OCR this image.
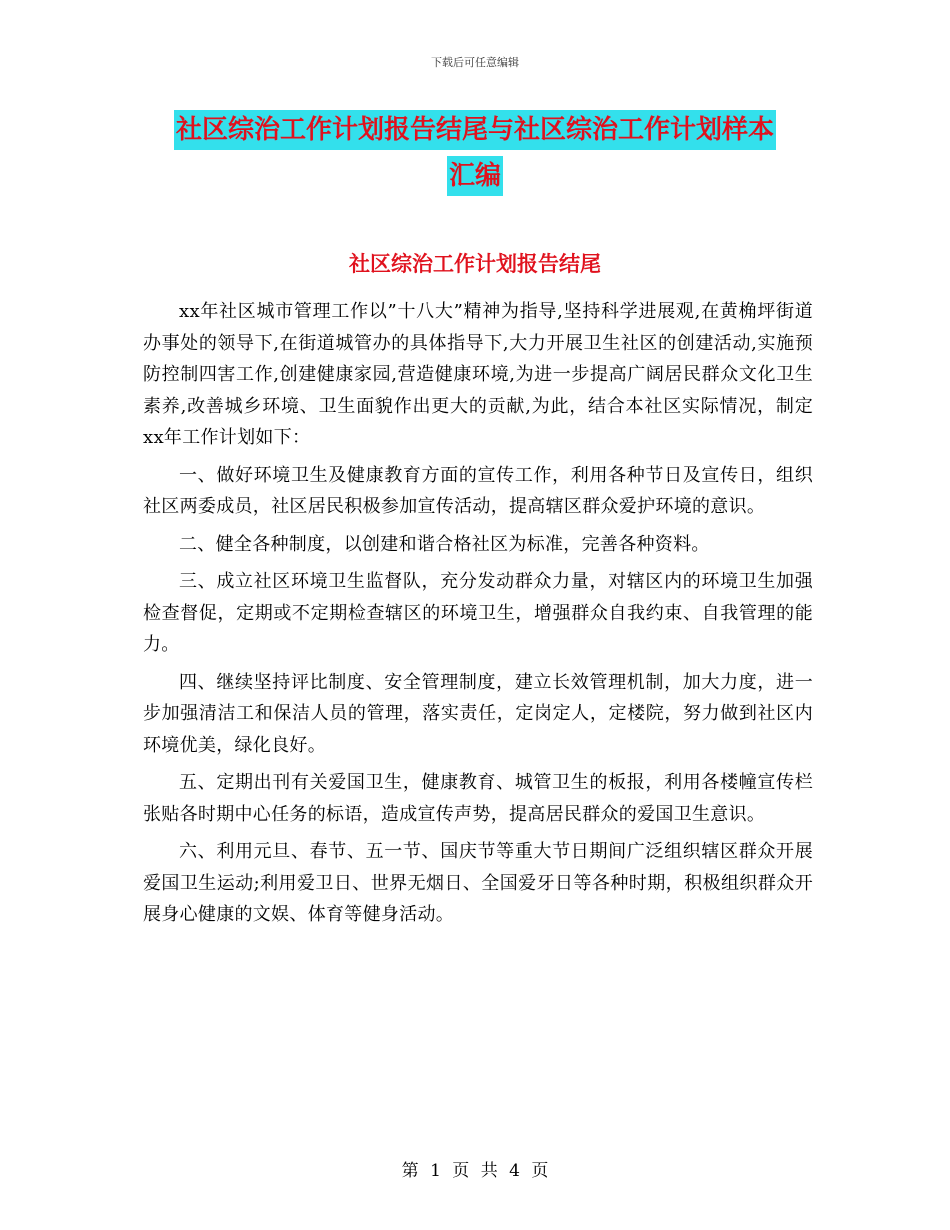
下载后可任意编辑
社区综治工作计划报告结尾与社区综治工作计划样本
汇编
社区综治工作计划报告结尾

xx年社区城市管理工作以”十八大”精神为指导,坚持科学进展观,在黄桷坪街道办事处的领导下,在街道城管办的具体指导下,大力开展卫生社区的创建活动,实施预防控制四害工作,创建健康家园,营造健康环境,为进一步提高广阔居民群众文化卫生素养,改善城乡环境、卫生面貌作出更大的贡献,为此，结合本社区实际情况，制定xx年工作计划如下：

一、做好环境卫生及健康教育方面的宣传工作，利用各种节日及宣传日，组织社区两委成员，社区居民积极参加宣传活动，提高辖区群众爱护环境的意识。

二、健全各种制度，以创建和谐合格社区为标准，完善各种资料。

三、成立社区环境卫生监督队，充分发动群众力量，对辖区内的环境卫生加强检查督促，定期或不定期检查辖区的环境卫生，增强群众自我约束、自我管理的能力。

四、继续坚持评比制度、安全管理制度，建立长效管理机制，加大力度，进一步加强清洁工和保洁人员的管理，落实责任，定岗定人，定楼院，努力做到社区内环境优美，绿化良好。

五、定期出刊有关爱国卫生，健康教育、城管卫生的板报，利用各楼幢宣传栏张贴各时期中心任务的标语，造成宣传声势，提高居民群众的爱国卫生意识。

六、利用元旦、春节、五一节、国庆节等重大节日期间广泛组织辖区群众开展爱国卫生运动;利用爱卫日、世界无烟日、全国爱牙日等各种时期，积极组织群众开展身心健康的文娱、体育等健身活动。

第 1 页 共 4 页
